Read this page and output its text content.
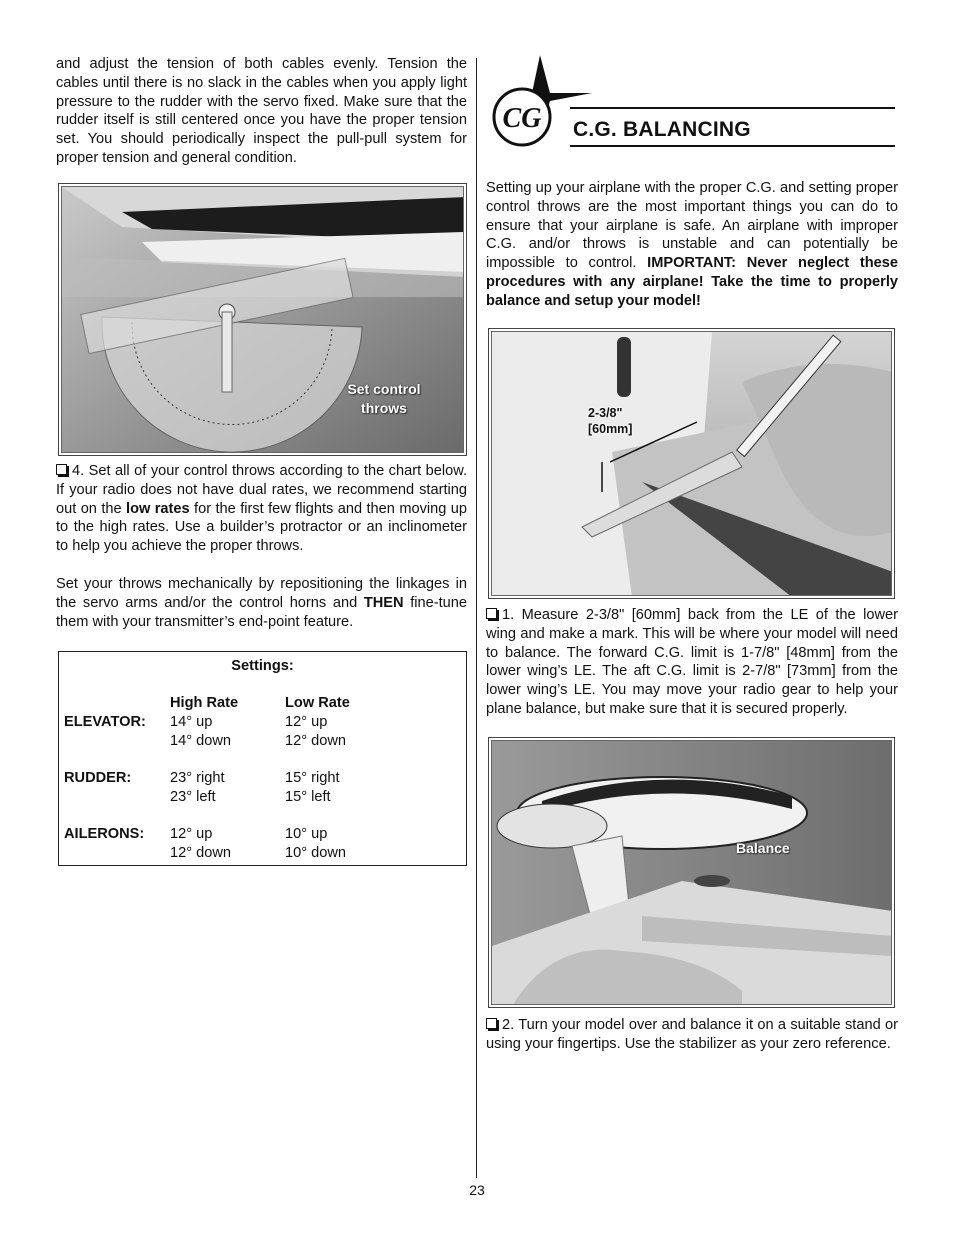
and adjust the tension of both cables evenly. Tension the cables until there is no slack in the cables when you apply light pressure to the rudder with the servo fixed. Make sure that the rudder itself is still centered once you have the proper tension set. You should periodically inspect the pull-pull system for proper tension and general condition.

Set control
throws

4. Set all of your control throws according to the chart below. If your radio does not have dual rates, we recommend starting out on the low rates for the first few flights and then moving up to the high rates. Use a builder’s protractor or an inclinometer to help you achieve the proper throws.

Set your throws mechanically by repositioning the linkages in the servo arms and/or the control horns and THEN fine-tune them with your transmitter’s end-point feature.

Settings:
High Rate	Low Rate
ELEVATOR: 14° up
14° down
12° up
12° down
RUDDER:	23° right
23° left
15° right
15° left
AILERONS: 12° up
12° down
10° up
10° down
CG C.G. BALANCING

Setting up your airplane with the proper C.G. and setting proper control throws are the most important things you can do to ensure that your airplane is safe. An airplane with improper C.G. and/or throws is unstable and can potentially be impossible to control. IMPORTANT: Never neglect these procedures with any airplane! Take the time to properly balance and setup your model!

2-3/8"
[60mm]

1. Measure 2-3/8" [60mm] back from the LE of the lower wing and make a mark. This will be where your model will need to balance. The forward C.G. limit is 1-7/8" [48mm] from the lower wing’s LE. The aft C.G. limit is 2-7/8" [73mm] from the lower wing’s LE. You may move your radio gear to help your plane balance, but make sure that it is secured properly.

Balance

2. Turn your model over and balance it on a suitable stand or using your fingertips. Use the stabilizer as your zero reference.

23
